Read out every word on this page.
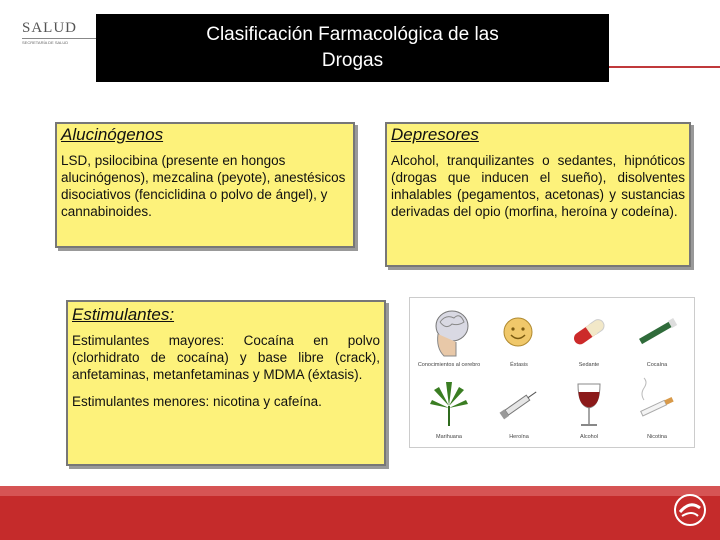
SALUD
SECRETARÍA DE SALUD	Clasificación Farmacológica de las
Drogas
Alucinógenos

LSD, psilocibina (presente en hongos alucinógenos), mezcalina (peyote), anestésicos disociativos (fenciclidina o polvo de ángel), y cannabinoides.

Depresores

Alcohol, tranquilizantes o sedantes, hipnóticos (drogas que inducen el sueño), disolventes inhalables (pegamentos, acetonas) y sustancias derivadas del opio (morfina, heroína y codeína).

Estimulantes:

Estimulantes mayores: Cocaína en polvo (clorhidrato de cocaína) y base libre (crack), anfetaminas, metanfetaminas y MDMA (éxtasis).

Estimulantes menores: nicotina y cafeína.

Conocimientos al cerebro	Éxtasis	Sedante	Cocaína
Marihuana	Heroína	Alcohol	Nicotina
